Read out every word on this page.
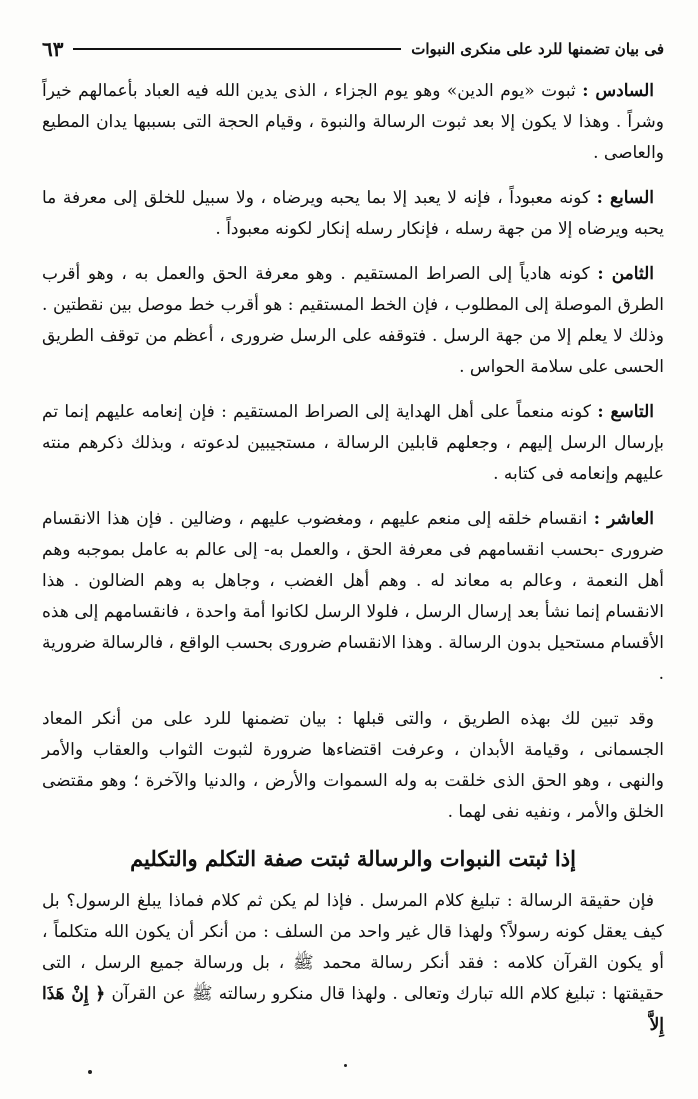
فى بيان تضمنها للرد على منكرى النبوات
٦٣

السادس : ثبوت «يوم الدين» وهو يوم الجزاء ، الذى يدين الله فيه العباد بأعمالهم خيراً وشراً . وهذا لا يكون إلا بعد ثبوت الرسالة والنبوة ، وقيام الحجة التى بسببها يدان المطيع والعاصى .

السابع : كونه معبوداً ، فإنه لا يعبد إلا بما يحبه ويرضاه ، ولا سبيل للخلق إلى معرفة ما يحبه ويرضاه إلا من جهة رسله ، فإنكار رسله إنكار لكونه معبوداً .

الثامن : كونه هادياً إلى الصراط المستقيم . وهو معرفة الحق والعمل به ، وهو أقرب الطرق الموصلة إلى المطلوب ، فإن الخط المستقيم : هو أقرب خط موصل بين نقطتين . وذلك لا يعلم إلا من جهة الرسل . فتوقفه على الرسل ضرورى ، أعظم من توقف الطريق الحسى على سلامة الحواس .

التاسع : كونه منعماً على أهل الهداية إلى الصراط المستقيم : فإن إنعامه عليهم إنما تم بإرسال الرسل إليهم ، وجعلهم قابلين الرسالة ، مستجيبين لدعوته ، وبذلك ذكرهم منته عليهم وإنعامه فى كتابه .

العاشر : انقسام خلقه إلى منعم عليهم ، ومغضوب عليهم ، وضالين . فإن هذا الانقسام ضرورى -بحسب انقسامهم فى معرفة الحق ، والعمل به- إلى عالم به عامل بموجبه وهم أهل النعمة ، وعالم به معاند له . وهم أهل الغضب ، وجاهل به وهم الضالون . هذا الانقسام إنما نشأ بعد إرسال الرسل ، فلولا الرسل لكانوا أمة واحدة ، فانقسامهم إلى هذه الأقسام مستحيل بدون الرسالة . وهذا الانقسام ضرورى بحسب الواقع ، فالرسالة ضرورية .

وقد تبين لك بهذه الطريق ، والتى قبلها : بيان تضمنها للرد على من أنكر المعاد الجسمانى ، وقيامة الأبدان ، وعرفت اقتضاءها ضرورة لثبوت الثواب والعقاب والأمر والنهى ، وهو الحق الذى خلقت به وله السموات والأرض ، والدنيا والآخرة ؛ وهو مقتضى الخلق والأمر ، ونفيه نفى لهما .

إذا ثبتت النبوات والرسالة ثبتت صفة التكلم والتكليم

فإن حقيقة الرسالة : تبليغ كلام المرسل . فإذا لم يكن ثم كلام فماذا يبلغ الرسول؟ بل كيف يعقل كونه رسولاً؟ ولهذا قال غير واحد من السلف : من أنكر أن يكون الله متكلماً ، أو يكون القرآن كلامه : فقد أنكر رسالة محمد ﷺ ، بل ورسالة جميع الرسل ، التى حقيقتها : تبليغ كلام الله تبارك وتعالى . ولهذا قال منكرو رسالته ﷺ عن القرآن ﴿ إِنْ هَذَا إِلاَّ
